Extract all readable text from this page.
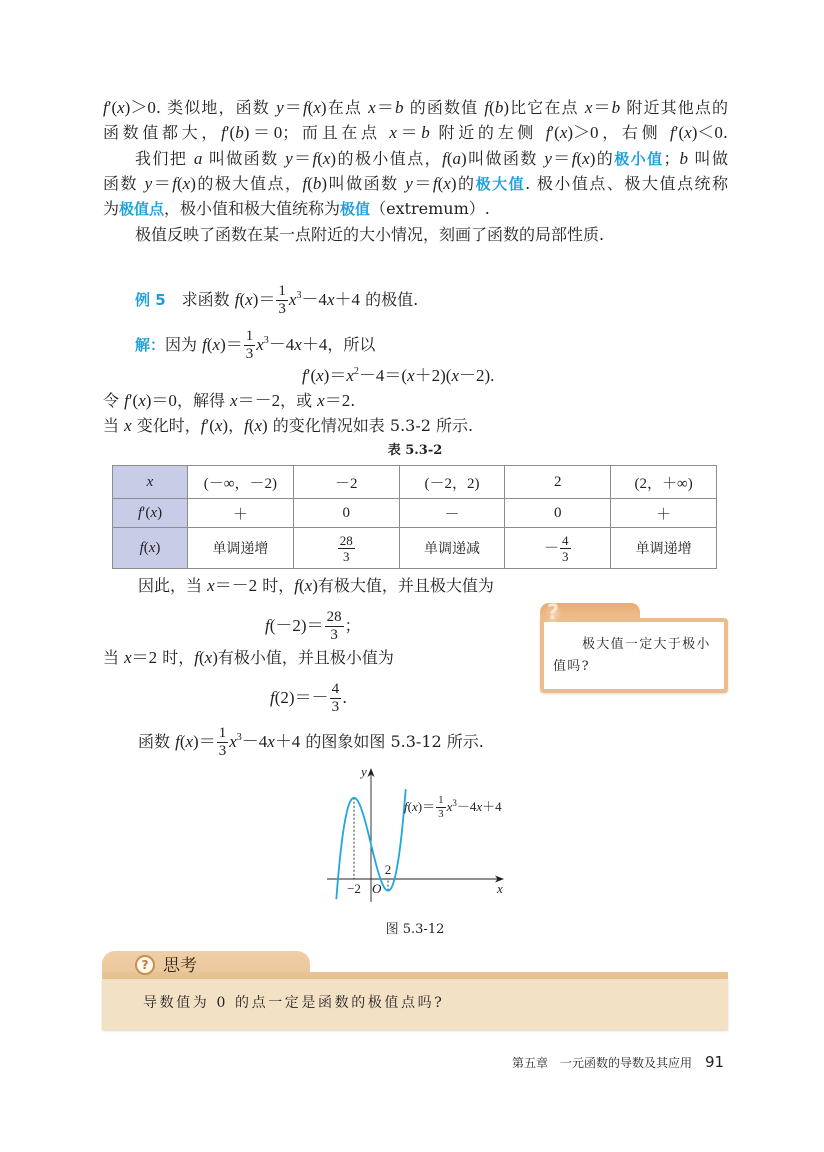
f′(x)＞0. 类似地，函数 y＝f(x)在点 x＝b 的函数值 f(b)比它在点 x＝b 附近其他点的
函数值都大，f′(b)＝0；而且在点 x＝b 附近的左侧 f′(x)＞0，右侧 f′(x)＜0.
我们把 a 叫做函数 y＝f(x)的极小值点，f(a)叫做函数 y＝f(x)的极小值；b 叫做
函数 y＝f(x)的极大值点，f(b)叫做函数 y＝f(x)的极大值. 极小值点、极大值点统称
为极值点，极小值和极大值统称为极值（extremum）.
极值反映了函数在某一点附近的大小情况，刻画了函数的局部性质.
例 5　求函数 $f(x)= \frac{1}{3} x^3-4x+4$ 的极值.
解：因为 $f(x)= \frac{1}{3} x^3-4x+4$，所以
$f'(x)=x^2-4=(x+2)(x-2)$.
令 f′(x)＝0，解得 x＝－2，或 x＝2.
当 x 变化时，f′(x)，f(x) 的变化情况如表 5.3-2 所示.
表 5.3-2
x	(－∞，－2)	－2	(－2，2)	2	(2，＋∞)
f′(x)	＋	0	－	0	＋
f(x)	单调递增	$\frac{28}{3}$	单调递减	－ $\frac{4}{3}$	单调递增
因此，当 x＝－2 时，f(x)有极大值，并且极大值为
$f(-2)= \frac{28}{3}$ ；
当 x＝2 时，f(x)有极小值，并且极小值为
$f(2)=- \frac{4}{3}$ .
函数 $f(x)= \frac{1}{3} x^3-4x+4$ 的图象如图 5.3-12 所示.
?
极大值一定大于极小值吗?
x
y
O
−2
2
$f(x)= \frac{1}{3} x^3-4x+4$
图 5.3-12
? 思考
导数值为 0 的点一定是函数的极值点吗?
第五章　一元函数的导数及其应用 91
